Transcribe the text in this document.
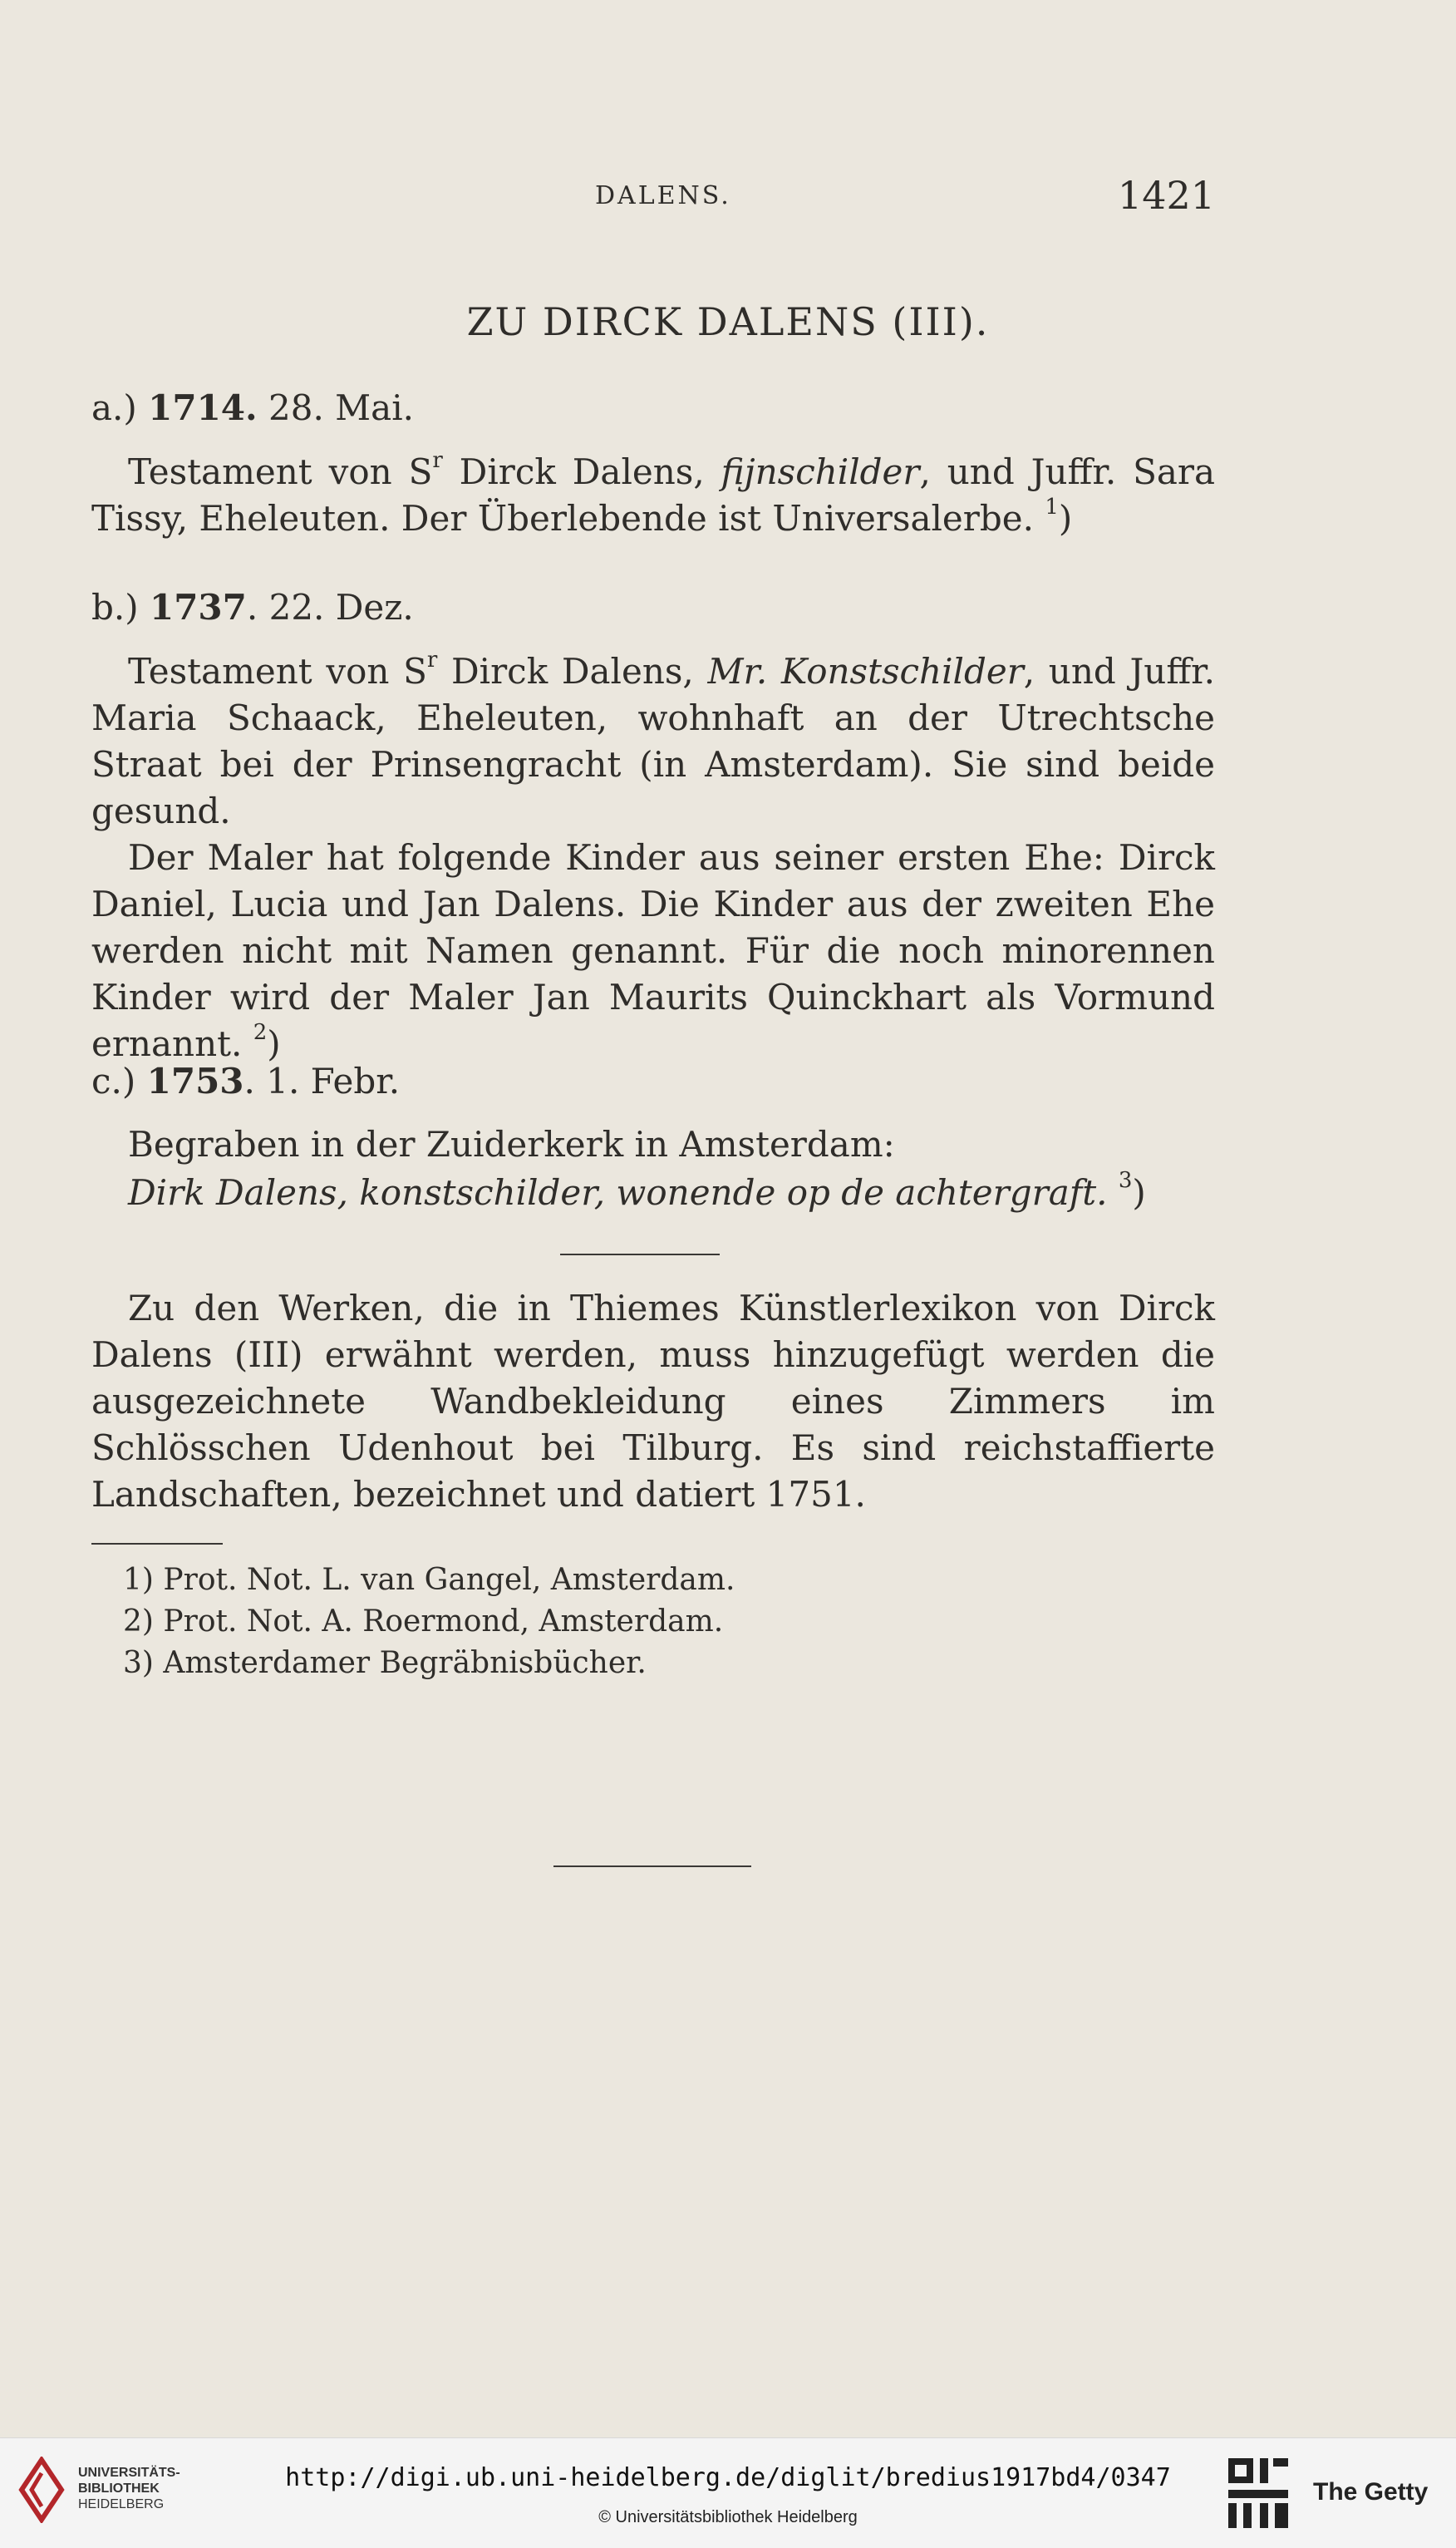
DALENS.	1421
ZU DIRCK DALENS (III).
a.) 1714. 28. Mai.

Testament von $S^r$ Dirck Dalens, fijnschilder, und Juffr. Sara Tissy, Eheleuten. Der Überlebende ist Universalerbe. $^1$)

b.) 1737. 22. Dez.

Testament von $S^r$ Dirck Dalens, Mr. Konstschilder, und Juffr. Maria Schaack, Eheleuten, wohnhaft an der Utrechtsche Straat bei der Prinsengracht (in Amsterdam). Sie sind beide gesund.

Der Maler hat folgende Kinder aus seiner ersten Ehe: Dirck Daniel, Lucia und Jan Dalens. Die Kinder aus der zweiten Ehe werden nicht mit Namen genannt. Für die noch minorennen Kinder wird der Maler Jan Maurits Quinckhart als Vormund ernannt. $^2$)

c.) 1753. 1. Febr.
Begraben in der Zuiderkerk in Amsterdam:
Dirk Dalens, konstschilder, wonende op de achtergraft. $^3$)

Zu den Werken, die in Thiemes Künstlerlexikon von Dirck Dalens (III) erwähnt werden, muss hinzugefügt werden die ausgezeichnete Wandbekleidung eines Zimmers im Schlösschen Udenhout bei Tilburg. Es sind reichstaffierte Landschaften, bezeichnet und datiert 1751.

1) Prot. Not. L. van Gangel, Amsterdam.
2) Prot. Not. A. Roermond, Amsterdam.
3) Amsterdamer Begräbnisbücher.
UNIVERSITÄTS-
BIBLIOTHEK
HEIDELBERG
http://digi.ub.uni-heidelberg.de/diglit/bredius1917bd4/0347
© Universitätsbibliothek Heidelberg
The Getty
